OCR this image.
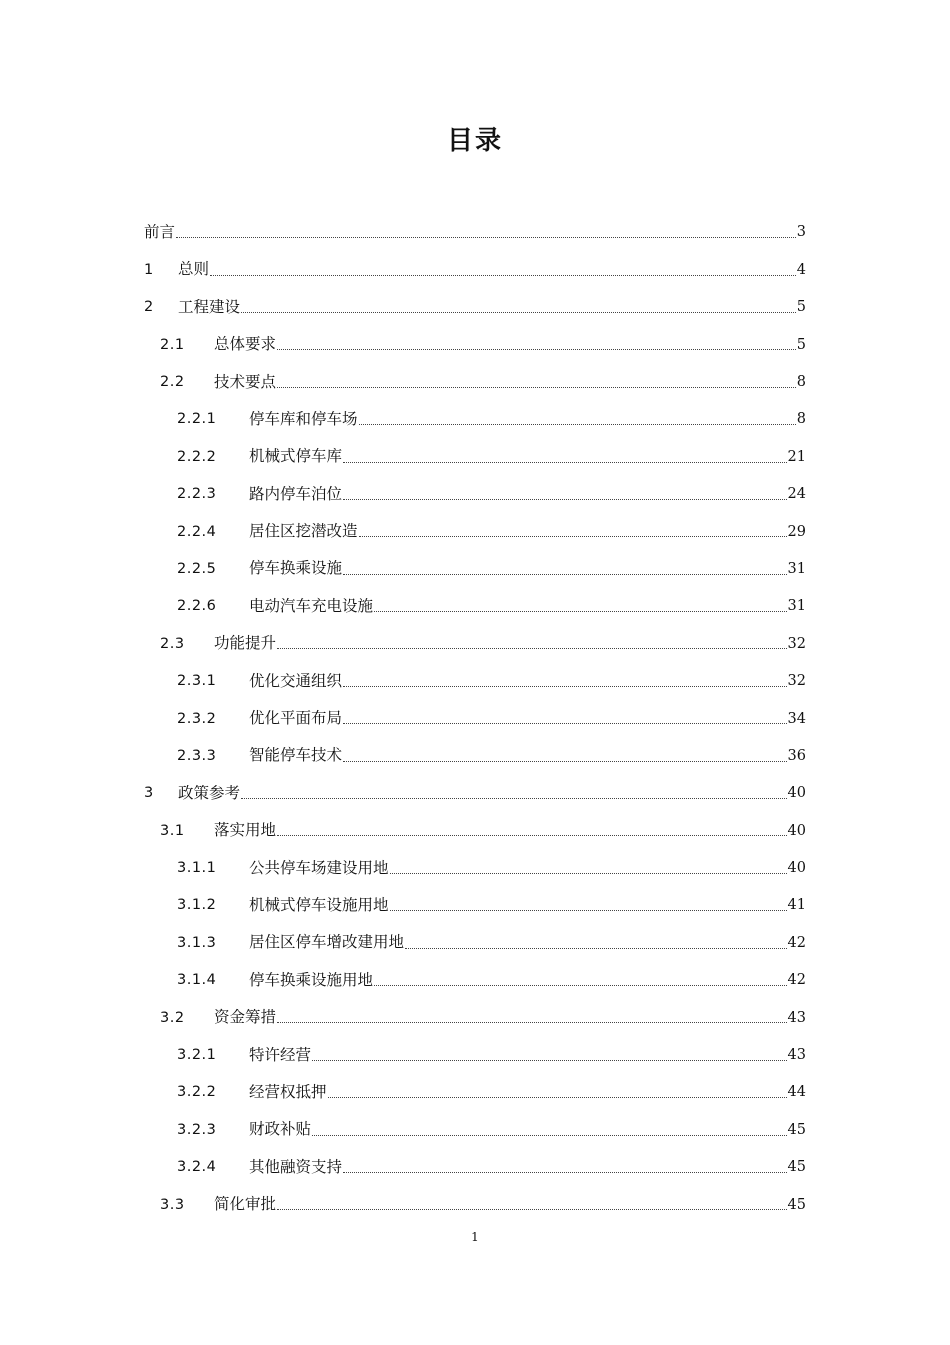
目录
前言	3
1	总则	4
2	工程建设	5
2.1	总体要求	5
2.2	技术要点	8
2.2.1	停车库和停车场	8
2.2.2	机械式停车库	21
2.2.3	路内停车泊位	24
2.2.4	居住区挖潜改造	29
2.2.5	停车换乘设施	31
2.2.6	电动汽车充电设施	31
2.3	功能提升	32
2.3.1	优化交通组织	32
2.3.2	优化平面布局	34
2.3.3	智能停车技术	36
3	政策参考	40
3.1	落实用地	40
3.1.1	公共停车场建设用地	40
3.1.2	机械式停车设施用地	41
3.1.3	居住区停车增改建用地	42
3.1.4	停车换乘设施用地	42
3.2	资金筹措	43
3.2.1	特许经营	43
3.2.2	经营权抵押	44
3.2.3	财政补贴	45
3.2.4	其他融资支持	45
3.3	简化审批	45
1
